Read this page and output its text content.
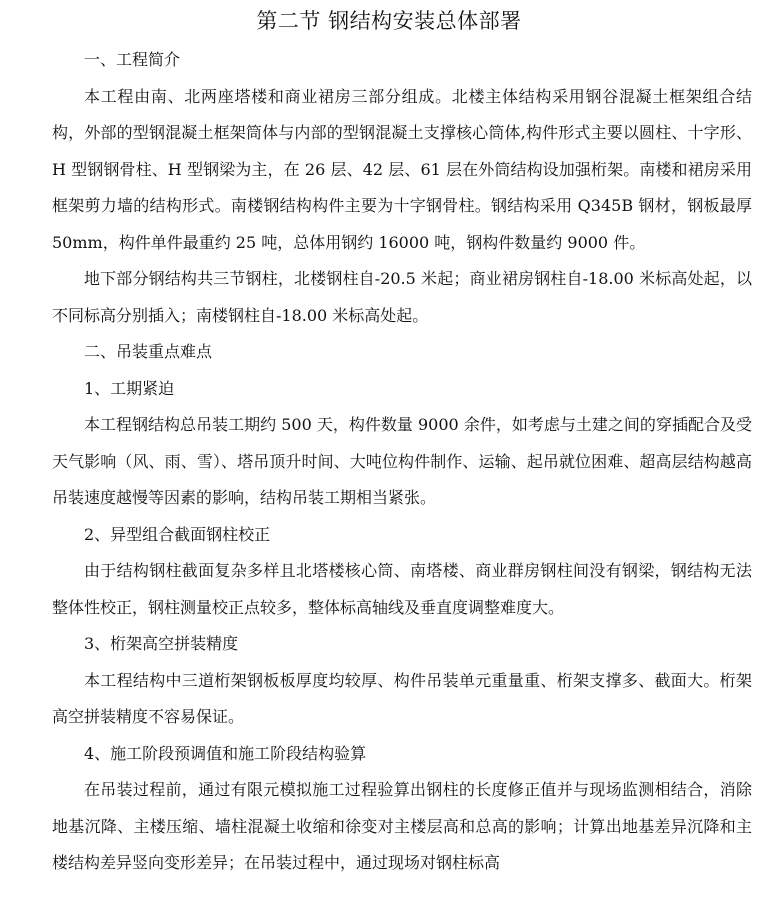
第二节 钢结构安装总体部署

一、工程简介

本工程由南、北两座塔楼和商业裙房三部分组成。北楼主体结构采用钢谷混凝土框架组合结构，外部的型钢混凝土框架筒体与内部的型钢混凝土支撑核心筒体,构件形式主要以圆柱、十字形、H 型钢钢骨柱、H 型钢梁为主，在 26 层、42 层、61 层在外筒结构设加强桁架。南楼和裙房采用框架剪力墙的结构形式。南楼钢结构构件主要为十字钢骨柱。钢结构采用 Q345B 钢材，钢板最厚 50mm，构件单件最重约 25 吨，总体用钢约 16000 吨，钢构件数量约 9000 件。

地下部分钢结构共三节钢柱，北楼钢柱自-20.5 米起；商业裙房钢柱自-18.00 米标高处起，以不同标高分别插入；南楼钢柱自-18.00 米标高处起。

二、吊装重点难点

1、工期紧迫

本工程钢结构总吊装工期约 500 天，构件数量 9000 余件，如考虑与土建之间的穿插配合及受天气影响（风、雨、雪）、塔吊顶升时间、大吨位构件制作、运输、起吊就位困难、超高层结构越高吊装速度越慢等因素的影响，结构吊装工期相当紧张。

2、异型组合截面钢柱校正

由于结构钢柱截面复杂多样且北塔楼核心筒、南塔楼、商业群房钢柱间没有钢梁，钢结构无法整体性校正，钢柱测量校正点较多，整体标高轴线及垂直度调整难度大。

3、桁架高空拼装精度

本工程结构中三道桁架钢板板厚度均较厚、构件吊装单元重量重、桁架支撑多、截面大。桁架高空拼装精度不容易保证。

4、施工阶段预调值和施工阶段结构验算

在吊装过程前，通过有限元模拟施工过程验算出钢柱的长度修正值并与现场监测相结合，消除地基沉降、主楼压缩、墙柱混凝土收缩和徐变对主楼层高和总高的影响；计算出地基差异沉降和主楼结构差异竖向变形差异；在吊装过程中，通过现场对钢柱标高
